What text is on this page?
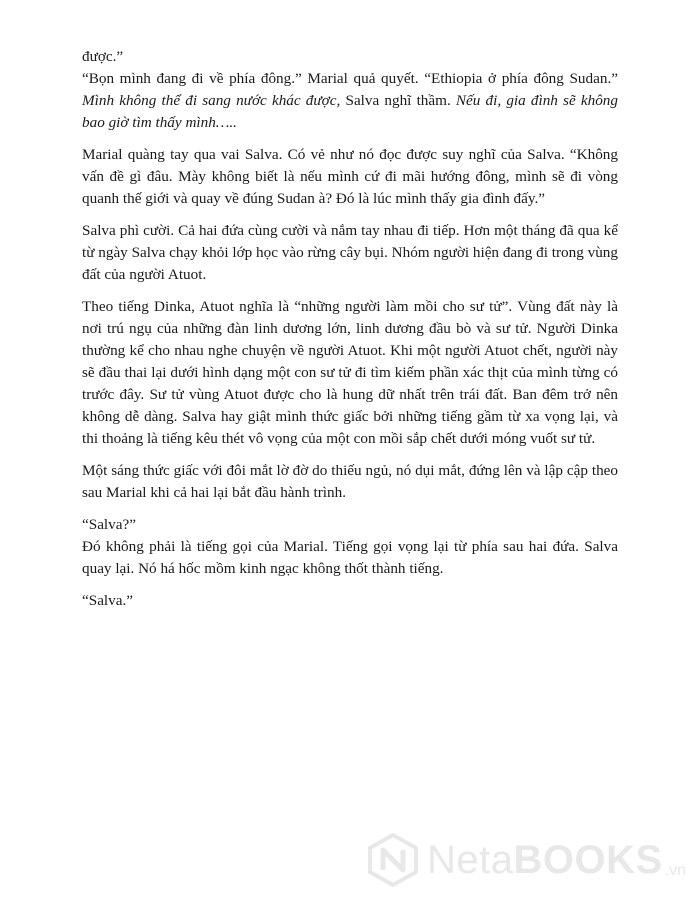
được.”

“Bọn mình đang đi về phía đông.” Marial quả quyết. “Ethiopia ở phía đông Sudan.” Mình không thể đi sang nước khác được, Salva nghĩ thầm. Nếu đi, gia đình sẽ không bao giờ tìm thấy mình…..

Marial quàng tay qua vai Salva. Có vẻ như nó đọc được suy nghĩ của Salva. “Không vấn đề gì đâu. Mày không biết là nếu mình cứ đi mãi hướng đông, mình sẽ đi vòng quanh thế giới và quay về đúng Sudan à? Đó là lúc mình thấy gia đình đấy.”

Salva phì cười. Cả hai đứa cùng cười và nắm tay nhau đi tiếp. Hơn một tháng đã qua kể từ ngày Salva chạy khỏi lớp học vào rừng cây bụi. Nhóm người hiện đang đi trong vùng đất của người Atuot.

Theo tiếng Dinka, Atuot nghĩa là “những người làm mồi cho sư tử”. Vùng đất này là nơi trú ngụ của những đàn linh dương lớn, linh dương đầu bò và sư tử. Người Dinka thường kể cho nhau nghe chuyện về người Atuot. Khi một người Atuot chết, người này sẽ đầu thai lại dưới hình dạng một con sư tử đi tìm kiếm phần xác thịt của mình từng có trước đây. Sư tử vùng Atuot được cho là hung dữ nhất trên trái đất. Ban đêm trở nên không dễ dàng. Salva hay giật mình thức giấc bởi những tiếng gầm từ xa vọng lại, và thi thoảng là tiếng kêu thét vô vọng của một con mồi sắp chết dưới móng vuốt sư tử.

Một sáng thức giấc với đôi mắt lờ đờ do thiếu ngủ, nó dụi mắt, đứng lên và lập cập theo sau Marial khi cả hai lại bắt đầu hành trình.

“Salva?”

Đó không phải là tiếng gọi của Marial. Tiếng gọi vọng lại từ phía sau hai đứa. Salva quay lại. Nó há hốc mồm kinh ngạc không thốt thành tiếng.

“Salva.”

NetaBOOKS .vn
